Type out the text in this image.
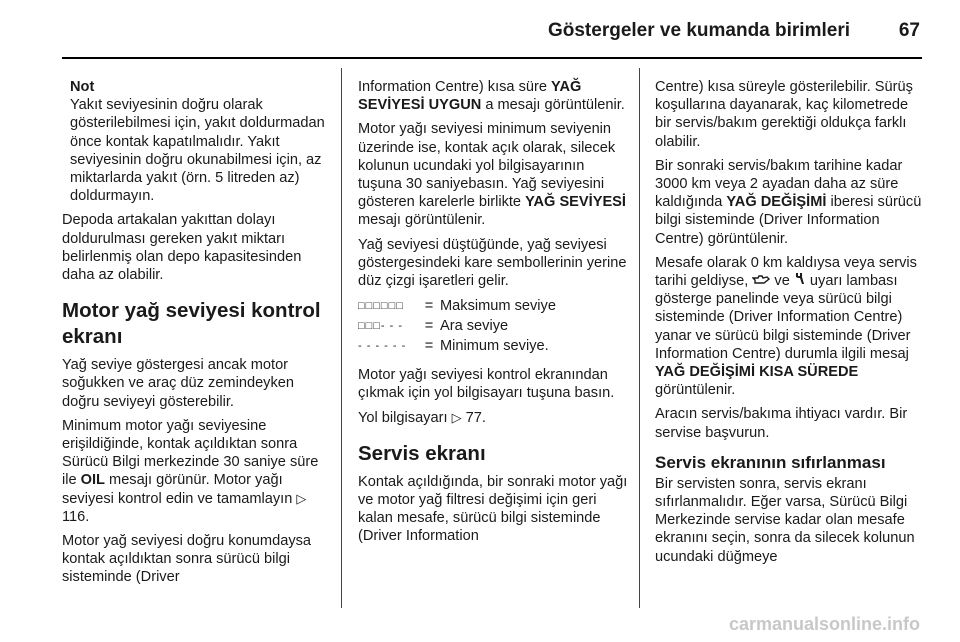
Göstergeler ve kumanda birimleri	67
Not
Yakıt seviyesinin doğru olarak gösterilebilmesi için, yakıt doldurmadan önce kontak kapatılmalıdır. Yakıt seviyesinin doğru okunabilmesi için, az miktarlarda yakıt (örn. 5 litreden az) doldurmayın.

Depoda artakalan yakıttan dolayı doldurulması gereken yakıt miktarı belirlenmiş olan depo kapasitesinden daha az olabilir.

Motor yağ seviyesi kontrol ekranı

Yağ seviye göstergesi ancak motor soğukken ve araç düz zemindeyken doğru seviyeyi gösterebilir.

Minimum motor yağı seviyesine erişildiğinde, kontak açıldıktan sonra Sürücü Bilgi merkezinde 30 saniye süre ile OIL mesajı görünür. Motor yağı seviyesi kontrol edin ve tamamlayın ▷ 116.

Motor yağ seviyesi doğru konumdaysa kontak açıldıktan sonra sürücü bilgi sisteminde (Driver

Information Centre) kısa süre YAĞ SEVİYESİ UYGUN a mesajı görüntülenir.

Motor yağı seviyesi minimum seviyenin üzerinde ise, kontak açık olarak, silecek kolunun ucundaki yol bilgisayarının tuşuna 30 saniyebasın. Yağ seviyesini gösteren karelerle birlikte YAĞ SEVİYESİ mesajı görüntülenir.

Yağ seviyesi düştüğünde, yağ seviyesi göstergesindeki kare sembollerinin yerine düz çizgi işaretleri gelir.

□□□□□□	=	Maksimum seviye
□□□- - -	=	Ara seviye
- - - - - -	=	Minimum seviye.

Motor yağı seviyesi kontrol ekranından çıkmak için yol bilgisayarı tuşuna basın.

Yol bilgisayarı ▷ 77.

Servis ekranı

Kontak açıldığında, bir sonraki motor yağı ve motor yağ filtresi değişimi için geri kalan mesafe, sürücü bilgi sisteminde (Driver Information

Centre) kısa süreyle gösterilebilir. Sürüş koşullarına dayanarak, kaç kilometrede bir servis/bakım gerektiği oldukça farklı olabilir.

Bir sonraki servis/bakım tarihine kadar 3000 km veya 2 ayadan daha az süre kaldığında YAĞ DEĞİŞİMİ iberesi sürücü bilgi sisteminde (Driver Information Centre) görüntülenir.

Mesafe olarak 0 km kaldıysa veya servis tarihi geldiyse,  ve  uyarı lambası gösterge panelinde veya sürücü bilgi sisteminde (Driver Information Centre) yanar ve sürücü bilgi sisteminde (Driver Information Centre) durumla ilgili mesaj YAĞ DEĞİŞİMİ KISA SÜREDE görüntülenir.

Aracın servis/bakıma ihtiyacı vardır. Bir servise başvurun.

Servis ekranının sıfırlanması

Bir servisten sonra, servis ekranı sıfırlanmalıdır. Eğer varsa, Sürücü Bilgi Merkezinde servise kadar olan mesafe ekranını seçin, sonra da silecek kolunun ucundaki düğmeye

carmanualsonline.info
